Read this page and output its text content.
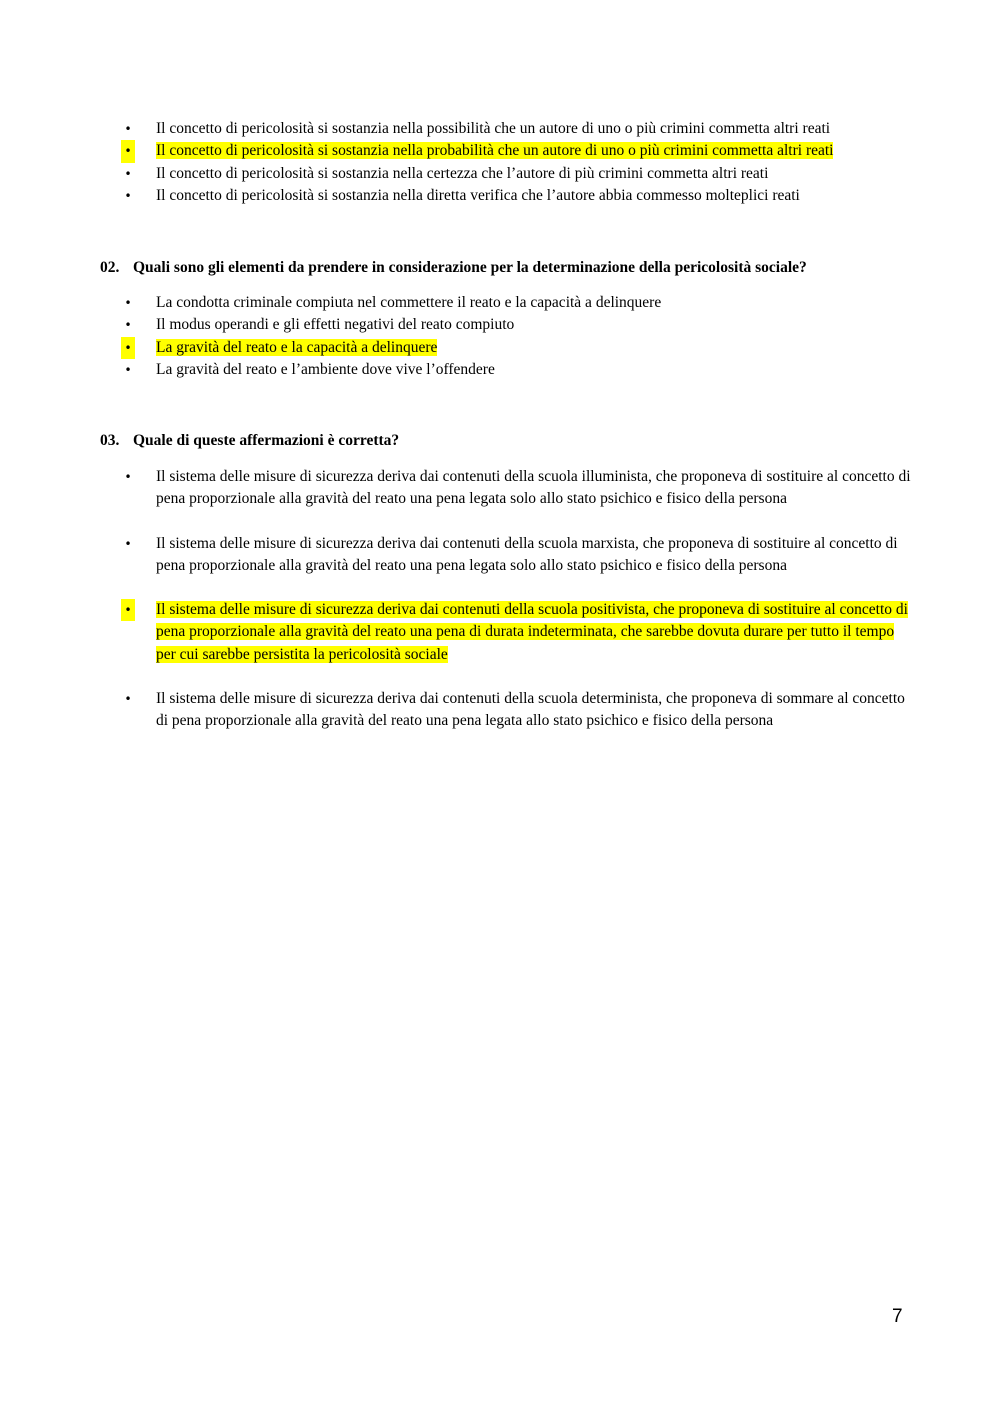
• Il concetto di pericolosità si sostanzia nella possibilità che un autore di uno o più crimini commetta altri reati
• Il concetto di pericolosità si sostanzia nella probabilità che un autore di uno o più crimini commetta altri reati
• Il concetto di pericolosità si sostanzia nella certezza che l’autore di più crimini commetta altri reati
• Il concetto di pericolosità si sostanzia nella diretta verifica che l’autore abbia commesso molteplici reati
02. Quali sono gli elementi da prendere in considerazione per la determinazione della pericolosità sociale?
• La condotta criminale compiuta nel commettere il reato e la capacità a delinquere
• Il modus operandi e gli effetti negativi del reato compiuto
• La gravità del reato e la capacità a delinquere
• La gravità del reato e l’ambiente dove vive l’offendere
03. Quale di queste affermazioni è corretta?
• Il sistema delle misure di sicurezza deriva dai contenuti della scuola illuminista, che proponeva di sostituire al concetto di pena proporzionale alla gravità del reato una pena legata solo allo stato psichico e fisico della persona
• Il sistema delle misure di sicurezza deriva dai contenuti della scuola marxista, che proponeva di sostituire al concetto di pena proporzionale alla gravità del reato una pena legata solo allo stato psichico e fisico della persona
• Il sistema delle misure di sicurezza deriva dai contenuti della scuola positivista, che proponeva di sostituire al concetto di pena proporzionale alla gravità del reato una pena di durata indeterminata, che sarebbe dovuta durare per tutto il tempo per cui sarebbe persistita la pericolosità sociale
• Il sistema delle misure di sicurezza deriva dai contenuti della scuola determinista, che proponeva di sommare al concetto di pena proporzionale alla gravità del reato una pena legata allo stato psichico e fisico della persona
7
